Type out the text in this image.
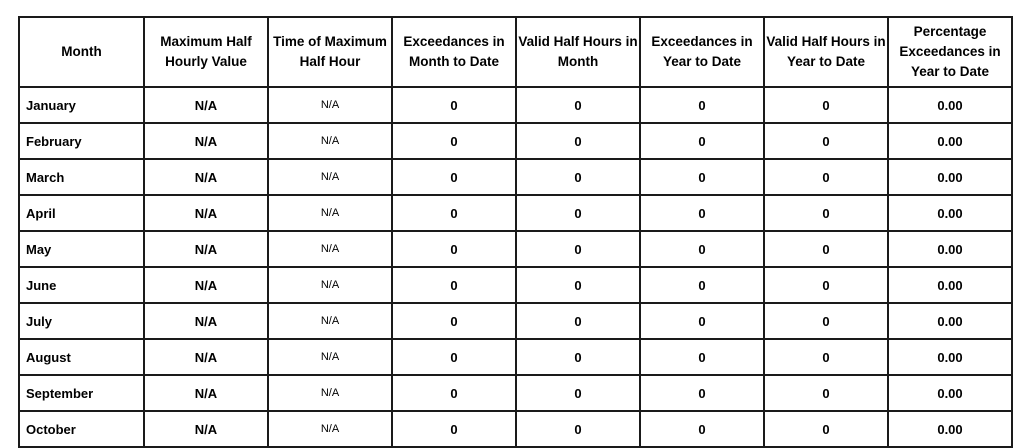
Month	Maximum Half Hourly Value	Time of Maximum Half Hour	Exceedances in Month to Date	Valid Half Hours in Month	Exceedances in Year to Date	Valid Half Hours in Year to Date	Percentage Exceedances in Year to Date
January	N/A	N/A	0	0	0	0	0.00
February	N/A	N/A	0	0	0	0	0.00
March	N/A	N/A	0	0	0	0	0.00
April	N/A	N/A	0	0	0	0	0.00
May	N/A	N/A	0	0	0	0	0.00
June	N/A	N/A	0	0	0	0	0.00
July	N/A	N/A	0	0	0	0	0.00
August	N/A	N/A	0	0	0	0	0.00
September	N/A	N/A	0	0	0	0	0.00
October	N/A	N/A	0	0	0	0	0.00
